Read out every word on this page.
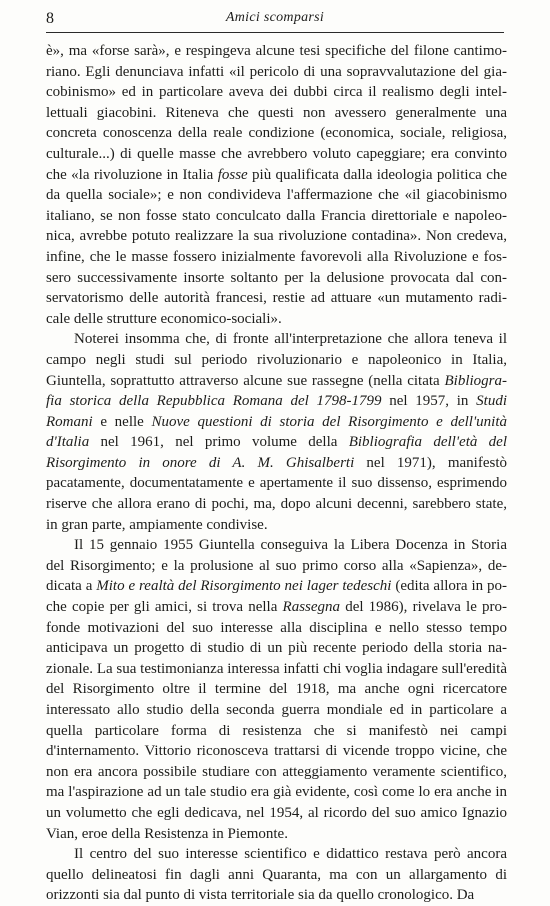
8	Amici scomparsi

è», ma «forse sarà», e respingeva alcune tesi specifiche del filone cantimoriano. Egli denunciava infatti «il pericolo di una sopravvalutazione del giacobinismo» ed in particolare aveva dei dubbi circa il realismo degli intellettuali giacobini. Riteneva che questi non avessero generalmente una concreta conoscenza della reale condizione (economica, sociale, religiosa, culturale...) di quelle masse che avrebbero voluto capeggiare; era convinto che «la rivoluzione in Italia fosse più qualificata dalla ideologia politica che da quella sociale»; e non condivideva l'affermazione che «il giacobinismo italiano, se non fosse stato conculcato dalla Francia direttoriale e napoleonica, avrebbe potuto realizzare la sua rivoluzione contadina». Non credeva, infine, che le masse fossero inizialmente favorevoli alla Rivoluzione e fossero successivamente insorte soltanto per la delusione provocata dal conservatorismo delle autorità francesi, restie ad attuare «un mutamento radicale delle strutture economico-sociali».

Noterei insomma che, di fronte all'interpretazione che allora teneva il campo negli studi sul periodo rivoluzionario e napoleonico in Italia, Giuntella, soprattutto attraverso alcune sue rassegne (nella citata Bibliografia storica della Repubblica Romana del 1798-1799 nel 1957, in Studi Romani e nelle Nuove questioni di storia del Risorgimento e dell'unità d'Italia nel 1961, nel primo volume della Bibliografia dell'età del Risorgimento in onore di A. M. Ghisalberti nel 1971), manifestò pacatamente, documentatamente e apertamente il suo dissenso, esprimendo riserve che allora erano di pochi, ma, dopo alcuni decenni, sarebbero state, in gran parte, ampiamente condivise.

Il 15 gennaio 1955 Giuntella conseguiva la Libera Docenza in Storia del Risorgimento; e la prolusione al suo primo corso alla «Sapienza», dedicata a Mito e realtà del Risorgimento nei lager tedeschi (edita allora in poche copie per gli amici, si trova nella Rassegna del 1986), rivelava le profonde motivazioni del suo interesse alla disciplina e nello stesso tempo anticipava un progetto di studio di un più recente periodo della storia nazionale. La sua testimonianza interessa infatti chi voglia indagare sull'eredità del Risorgimento oltre il termine del 1918, ma anche ogni ricercatore interessato allo studio della seconda guerra mondiale ed in particolare a quella particolare forma di resistenza che si manifestò nei campi d'internamento. Vittorio riconosceva trattarsi di vicende troppo vicine, che non era ancora possibile studiare con atteggiamento veramente scientifico, ma l'aspirazione ad un tale studio era già evidente, così come lo era anche in un volumetto che egli dedicava, nel 1954, al ricordo del suo amico Ignazio Vian, eroe della Resistenza in Piemonte.

Il centro del suo interesse scientifico e didattico restava però ancora quello delineatosi fin dagli anni Quaranta, ma con un allargamento di orizzonti sia dal punto di vista territoriale sia da quello cronologico. Da
